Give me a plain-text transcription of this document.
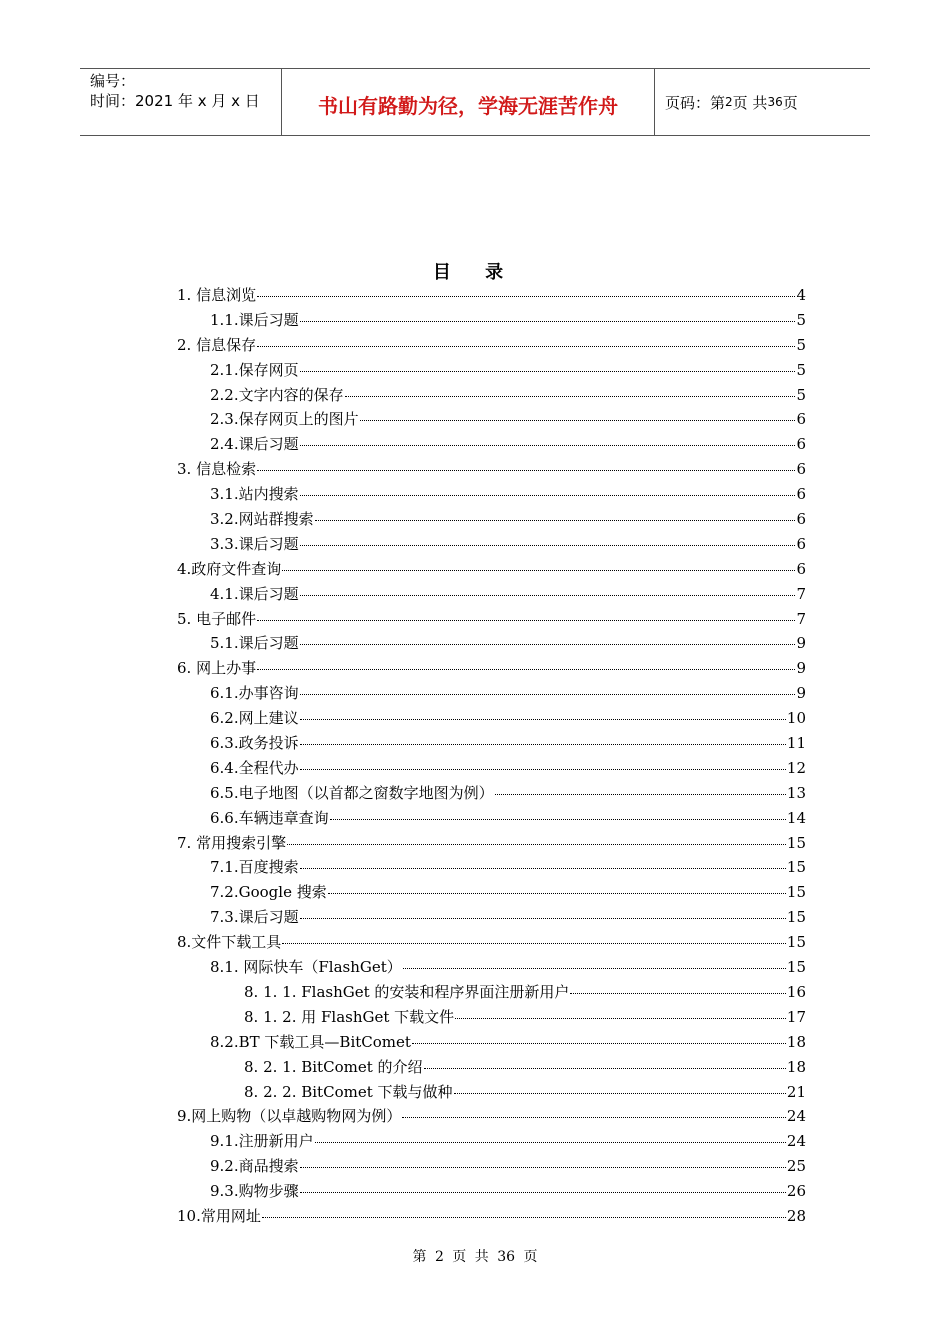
编号：
时间：2021 年 x 月 x 日	书山有路勤为径，学海无涯苦作舟	页码：第 2 页 共 36 页
目 录
1. 信息浏览	4
1.1.课后习题	5
2. 信息保存	5
2.1.保存网页	5
2.2.文字内容的保存	5
2.3.保存网页上的图片	6
2.4.课后习题	6
3. 信息检索	6
3.1.站内搜索	6
3.2.网站群搜索	6
3.3.课后习题	6
4.政府文件查询	6
4.1.课后习题	7
5. 电子邮件	7
5.1.课后习题	9
6. 网上办事	9
6.1.办事咨询	9
6.2.网上建议	10
6.3.政务投诉	11
6.4.全程代办	12
6.5.电子地图（以首都之窗数字地图为例）	13
6.6.车辆违章查询	14
7. 常用搜索引擎	15
7.1.百度搜索	15
7.2.Google 搜索	15
7.3.课后习题	15
8.文件下载工具	15
8.1. 网际快车（FlashGet）	15
8. 1. 1. FlashGet 的安装和程序界面注册新用户	16
8. 1. 2. 用 FlashGet 下载文件	17
8.2.BT 下载工具—BitComet	18
8. 2. 1. BitComet 的介绍	18
8. 2. 2. BitComet 下载与做种	21
9.网上购物（以卓越购物网为例）	24
9.1.注册新用户	24
9.2.商品搜索	25
9.3.购物步骤	26
10.常用网址	28
第 2 页 共 36 页
